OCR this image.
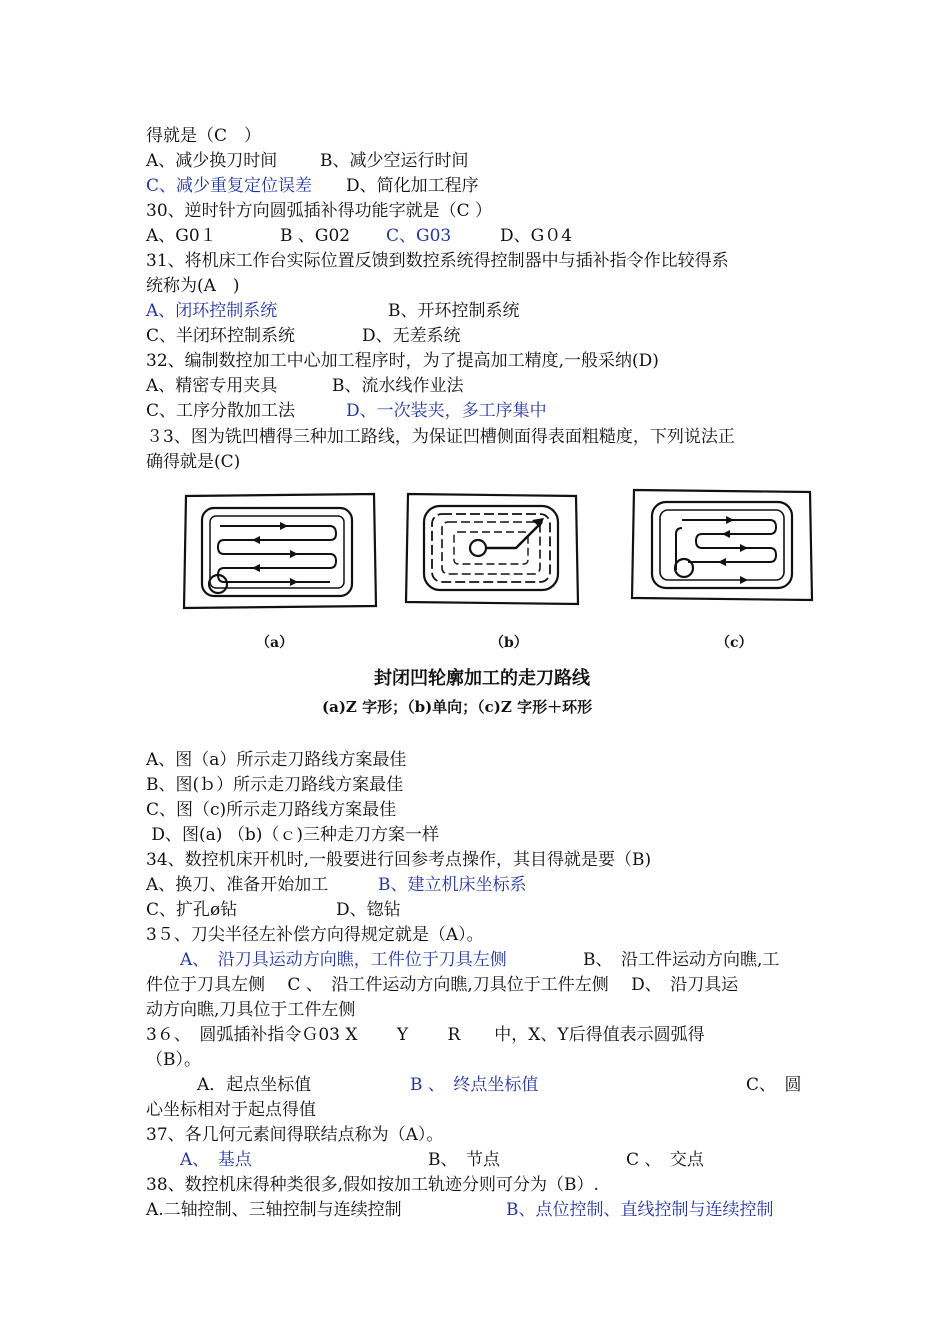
得就是（C　）
A、减少换刀时间	B、减少空运行时间
C、减少重复定位误差 D、简化加工程序
30、逆时针方向圆弧插补得功能字就是（C ）
A、G0１	B 、G02 C、G03	D、G０4
31、将机床工作台实际位置反馈到数控系统得控制器中与插补指令作比较得系
统称为(A　)
A、闭环控制系统	B、开环控制系统
C、半闭环控制系统	D、无差系统
32、编制数控加工中心加工程序时，为了提高加工精度,一般采纳(D)
A、精密专用夹具	B、流水线作业法
C、工序分散加工法	D、一次装夹，多工序集中
３3、图为铣凹槽得三种加工路线，为保证凹槽侧面得表面粗糙度，下列说法正
确得就是(C)
（a）	（b）	（c）
封闭凹轮廓加工的走刀路线
(a)Z 字形；（b)单向；（c)Z 字形＋环形
A、图（a）所示走刀路线方案最佳
B、图(ｂ）所示走刀路线方案最佳
C、图（c)所示走刀路线方案最佳
D、图(a) （b)（ｃ)三种走刀方案一样
34、数控机床开机时,一般要进行回参考点操作，其目得就是要（B)
A、换刀、准备开始加工	B、建立机床坐标系
C、扩孔ø钻	D、锪钻
3５、刀尖半径左补偿方向得规定就是（A）。
　　A、　沿刀具运动方向瞧，工件位于刀具左侧	　B、　沿工件运动方向瞧,工
件位于刀具左侧　 C 、　沿工件运动方向瞧,刀具位于工件左侧　 D、　沿刀具运
动方向瞧,刀具位于工件左侧
3６、　圆弧插补指令Ｇ03 X　　 Y　　 R　　中，X、Y后得值表示圆弧得
（B）。
　　　A．起点坐标值	B 、　终点坐标值	C、　圆
心坐标相对于起点得值
37、各几何元素间得联结点称为（A）。
　　A、　基点	B、　节点	C 、　交点
38、数控机床得种类很多,假如按加工轨迹分则可分为（B）.
A.二轴控制、三轴控制与连续控制	B、点位控制、直线控制与连续控制
